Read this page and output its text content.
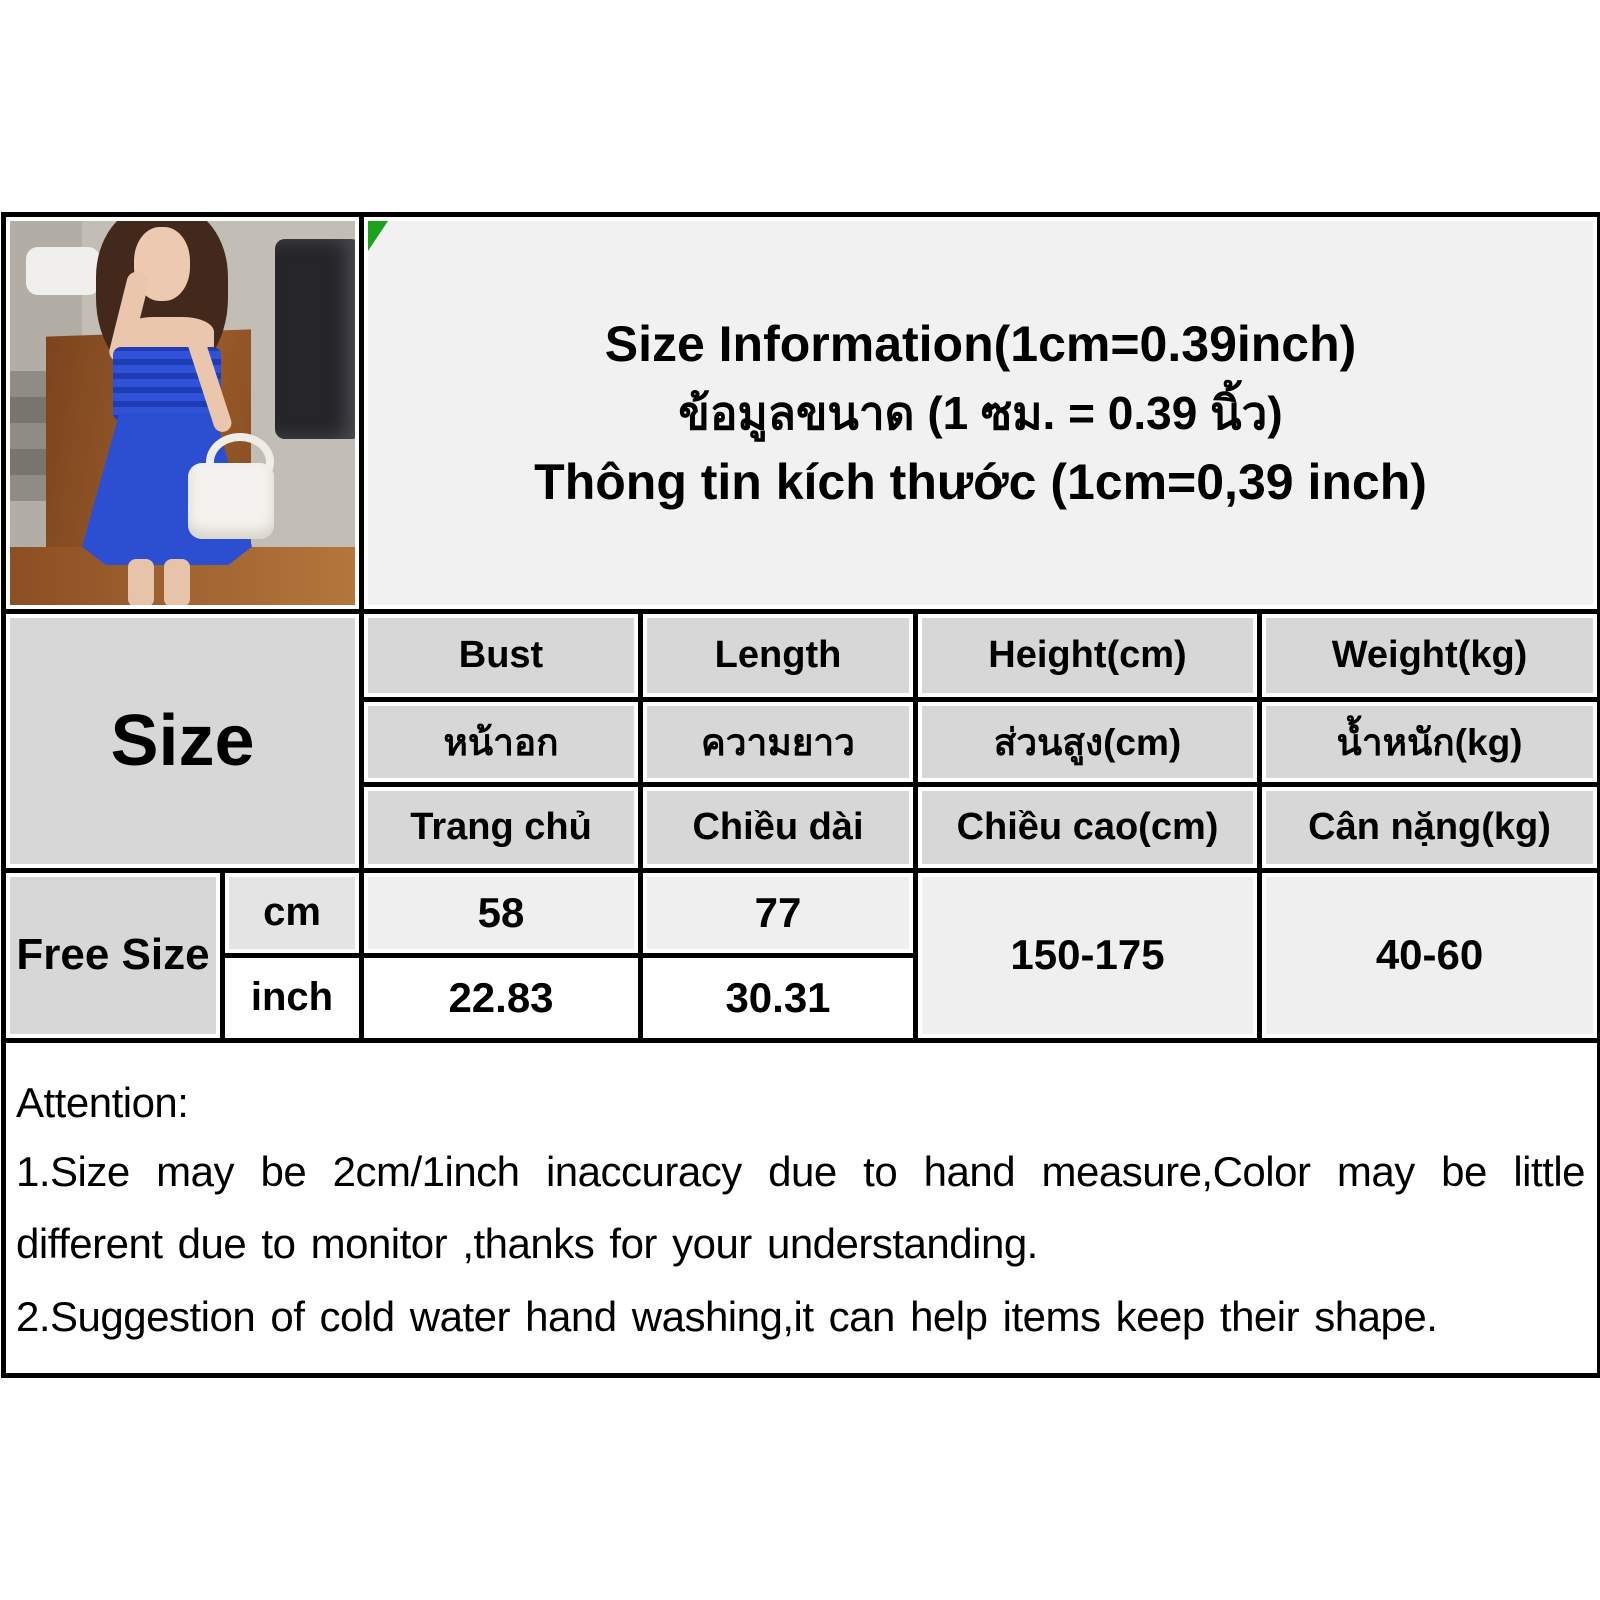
		Size Information(1cm=0.39inch)
ข้อมูลขนาด (1 ซม. = 0.39 นิ้ว)
Thông tin kích thước (1cm=0,39 inch)			

Size		Bust	Length	Height(cm)	Weight(kg)

หน้าอก	ความยาว	ส่วนสูง(cm)	น้ำหนัก(kg)

Trang chủ	Chiều dài	Chiều cao(cm)	Cân nặng(kg)

Free Size	cm	58	77	150-175	40-60

inch	22.83	30.31		

Attention:

1.Size may be 2cm/1inch inaccuracy due to hand measure,Color may be little different due to monitor ,thanks for your understanding.

2.Suggestion of cold water hand washing,it can help items keep their shape.					
